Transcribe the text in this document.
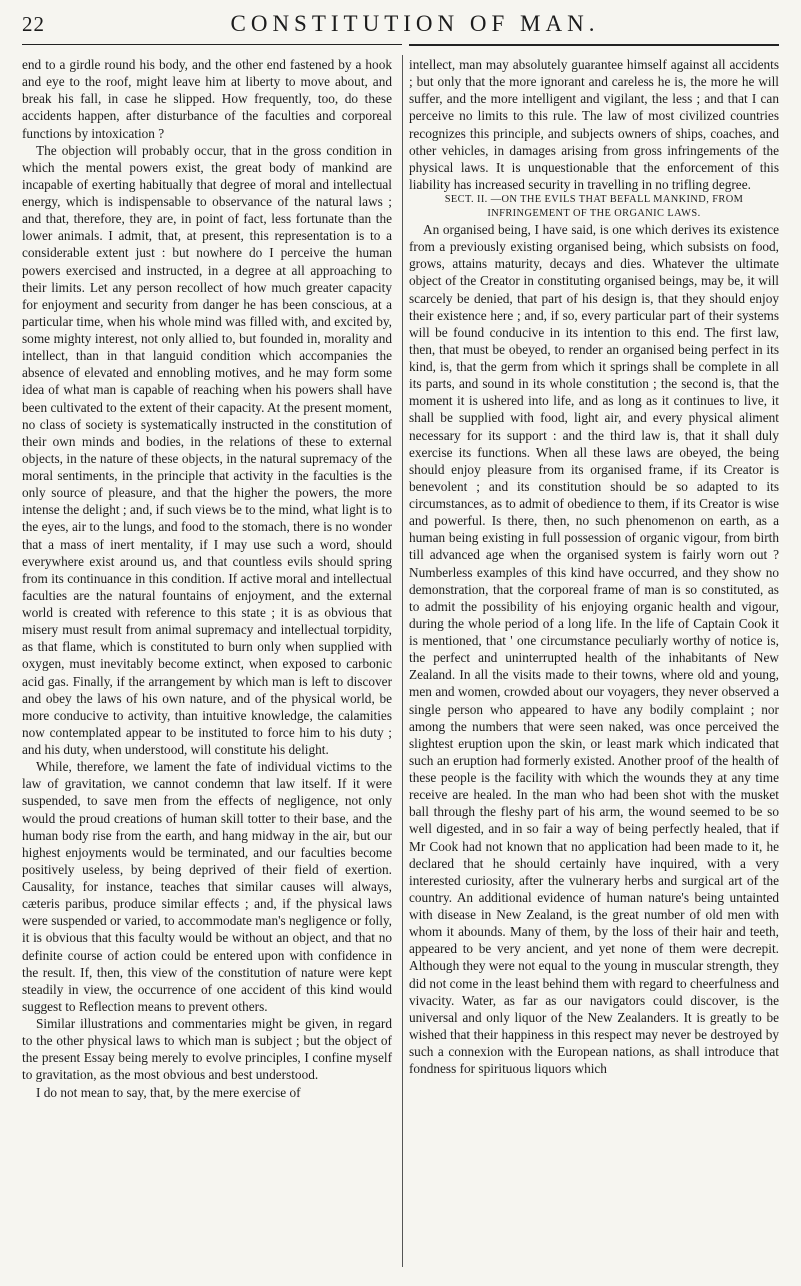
22	CONSTITUTION OF MAN.

end to a girdle round his body, and the other end fastened by a hook and eye to the roof, might leave him at liberty to move about, and break his fall, in case he slipped. How frequently, too, do these accidents happen, after disturbance of the faculties and corporeal functions by intoxication ?

The objection will probably occur, that in the gross condition in which the mental powers exist, the great body of mankind are incapable of exerting habitually that degree of moral and intellectual energy, which is indispensable to observance of the natural laws ; and that, therefore, they are, in point of fact, less fortunate than the lower animals. I admit, that, at present, this representation is to a considerable extent just : but nowhere do I perceive the human powers exercised and instructed, in a degree at all approaching to their limits. Let any person recollect of how much greater capacity for enjoyment and security from danger he has been conscious, at a particular time, when his whole mind was filled with, and excited by, some mighty interest, not only allied to, but founded in, morality and intellect, than in that languid condition which accompanies the absence of elevated and ennobling motives, and he may form some idea of what man is capable of reaching when his powers shall have been cultivated to the extent of their capacity. At the present moment, no class of society is systematically instructed in the constitution of their own minds and bodies, in the relations of these to external objects, in the nature of these objects, in the natural supremacy of the moral sentiments, in the principle that activity in the faculties is the only source of pleasure, and that the higher the powers, the more intense the delight ; and, if such views be to the mind, what light is to the eyes, air to the lungs, and food to the stomach, there is no wonder that a mass of inert mentality, if I may use such a word, should everywhere exist around us, and that countless evils should spring from its continuance in this condition. If active moral and intellectual faculties are the natural fountains of enjoyment, and the external world is created with reference to this state ; it is as obvious that misery must result from animal supremacy and intellectual torpidity, as that flame, which is constituted to burn only when supplied with oxygen, must inevitably become extinct, when exposed to carbonic acid gas. Finally, if the arrangement by which man is left to discover and obey the laws of his own nature, and of the physical world, be more conducive to activity, than intuitive knowledge, the calamities now contemplated appear to be instituted to force him to his duty ; and his duty, when understood, will constitute his delight.

While, therefore, we lament the fate of individual victims to the law of gravitation, we cannot condemn that law itself. If it were suspended, to save men from the effects of negligence, not only would the proud creations of human skill totter to their base, and the human body rise from the earth, and hang midway in the air, but our highest enjoyments would be terminated, and our faculties become positively useless, by being deprived of their field of exertion. Causality, for instance, teaches that similar causes will always, cæteris paribus, produce similar effects ; and, if the physical laws were suspended or varied, to accommodate man's negligence or folly, it is obvious that this faculty would be without an object, and that no definite course of action could be entered upon with confidence in the result. If, then, this view of the constitution of nature were kept steadily in view, the occurrence of one accident of this kind would suggest to Reflection means to prevent others.

Similar illustrations and commentaries might be given, in regard to the other physical laws to which man is subject ; but the object of the present Essay being merely to evolve principles, I confine myself to gravitation, as the most obvious and best understood.

I do not mean to say, that, by the mere exercise of

intellect, man may absolutely guarantee himself against all accidents ; but only that the more ignorant and careless he is, the more he will suffer, and the more intelligent and vigilant, the less ; and that I can perceive no limits to this rule. The law of most civilized countries recognizes this principle, and subjects owners of ships, coaches, and other vehicles, in damages arising from gross infringements of the physical laws. It is unquestionable that the enforcement of this liability has increased security in travelling in no trifling degree.

SECT. II. —ON THE EVILS THAT BEFALL MANKIND, FROM INFRINGEMENT OF THE ORGANIC LAWS.

An organised being, I have said, is one which derives its existence from a previously existing organised being, which subsists on food, grows, attains maturity, decays and dies. Whatever the ultimate object of the Creator in constituting organised beings, may be, it will scarcely be denied, that part of his design is, that they should enjoy their existence here ; and, if so, every particular part of their systems will be found conducive in its intention to this end. The first law, then, that must be obeyed, to render an organised being perfect in its kind, is, that the germ from which it springs shall be complete in all its parts, and sound in its whole constitution ; the second is, that the moment it is ushered into life, and as long as it continues to live, it shall be supplied with food, light air, and every physical aliment necessary for its support : and the third law is, that it shall duly exercise its functions. When all these laws are obeyed, the being should enjoy pleasure from its organised frame, if its Creator is benevolent ; and its constitution should be so adapted to its circumstances, as to admit of obedience to them, if its Creator is wise and powerful. Is there, then, no such phenomenon on earth, as a human being existing in full possession of organic vigour, from birth till advanced age when the organised system is fairly worn out ? Numberless examples of this kind have occurred, and they show no demonstration, that the corporeal frame of man is so constituted, as to admit the possibility of his enjoying organic health and vigour, during the whole period of a long life. In the life of Captain Cook it is mentioned, that ' one circumstance peculiarly worthy of notice is, the perfect and uninterrupted health of the inhabitants of New Zealand. In all the visits made to their towns, where old and young, men and women, crowded about our voyagers, they never observed a single person who appeared to have any bodily complaint ; nor among the numbers that were seen naked, was once perceived the slightest eruption upon the skin, or least mark which indicated that such an eruption had formerly existed. Another proof of the health of these people is the facility with which the wounds they at any time receive are healed. In the man who had been shot with the musket ball through the fleshy part of his arm, the wound seemed to be so well digested, and in so fair a way of being perfectly healed, that if Mr Cook had not known that no application had been made to it, he declared that he should certainly have inquired, with a very interested curiosity, after the vulnerary herbs and surgical art of the country. An additional evidence of human nature's being untainted with disease in New Zealand, is the great number of old men with whom it abounds. Many of them, by the loss of their hair and teeth, appeared to be very ancient, and yet none of them were decrepit. Although they were not equal to the young in muscular strength, they did not come in the least behind them with regard to cheerfulness and vivacity. Water, as far as our navigators could discover, is the universal and only liquor of the New Zealanders. It is greatly to be wished that their happiness in this respect may never be destroyed by such a connexion with the European nations, as shall introduce that fondness for spirituous liquors which
